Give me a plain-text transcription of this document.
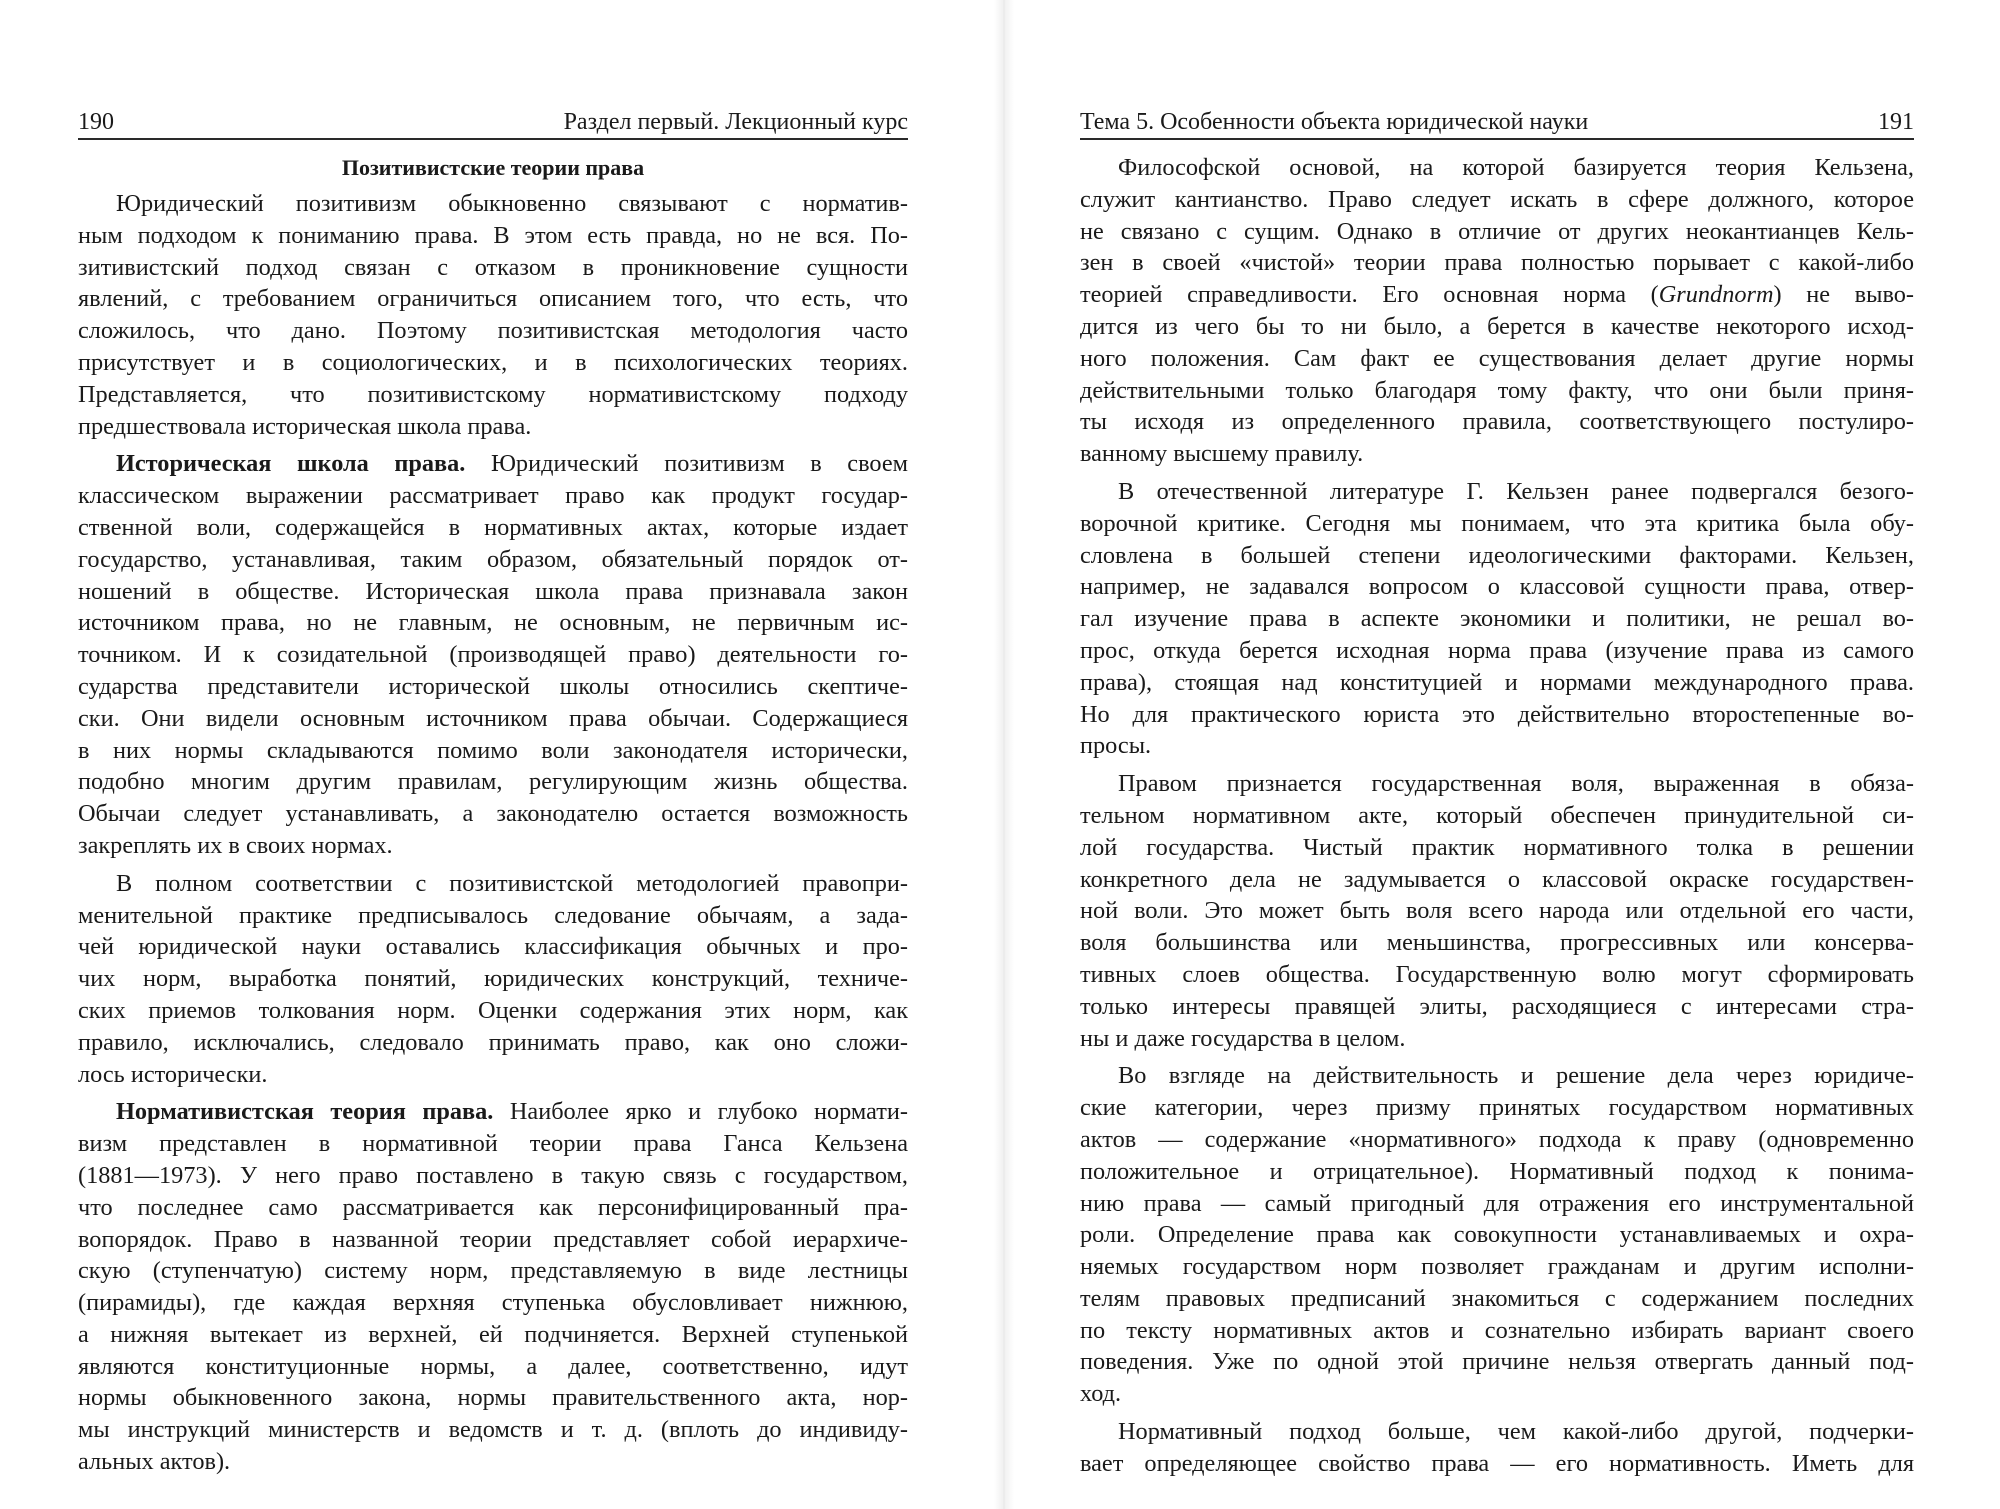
190	Раздел первый. Лекционный курс
Позитивистские теории права
Юридический позитивизм обыкновенно связывают с норматив-
ным подходом к пониманию права. В этом есть правда, но не вся. По-
зитивистский подход связан с отказом в проникновение сущности
явлений, с требованием ограничиться описанием того, что есть, что
сложилось, что дано. Поэтому позитивистская методология часто
присутствует и в социологических, и в психологических теориях.
Представляется, что позитивистскому нормативистскому подходу
предшествовала историческая школа права.
Историческая школа права. Юридический позитивизм в своем
классическом выражении рассматривает право как продукт государ-
ственной воли, содержащейся в нормативных актах, которые издает
государство, устанавливая, таким образом, обязательный порядок от-
ношений в обществе. Историческая школа права признавала закон
источником права, но не главным, не основным, не первичным ис-
точником. И к созидательной (производящей право) деятельности го-
сударства представители исторической школы относились скептиче-
ски. Они видели основным источником права обычаи. Содержащиеся
в них нормы складываются помимо воли законодателя исторически,
подобно многим другим правилам, регулирующим жизнь общества.
Обычаи следует устанавливать, а законодателю остается возможность
закреплять их в своих нормах.
В полном соответствии с позитивистской методологией правопри-
менительной практике предписывалось следование обычаям, а зада-
чей юридической науки оставались классификация обычных и про-
чих норм, выработка понятий, юридических конструкций, техниче-
ских приемов толкования норм. Оценки содержания этих норм, как
правило, исключались, следовало принимать право, как оно сложи-
лось исторически.
Нормативистская теория права. Наиболее ярко и глубоко нормати-
визм представлен в нормативной теории права Ганса Кельзена
(1881—1973). У него право поставлено в такую связь с государством,
что последнее само рассматривается как персонифицированный пра-
вопорядок. Право в названной теории представляет собой иерархиче-
скую (ступенчатую) систему норм, представляемую в виде лестницы
(пирамиды), где каждая верхняя ступенька обусловливает нижнюю,
а нижняя вытекает из верхней, ей подчиняется. Верхней ступенькой
являются конституционные нормы, а далее, соответственно, идут
нормы обыкновенного закона, нормы правительственного акта, нор-
мы инструкций министерств и ведомств и т. д. (вплоть до индивиду-
альных актов).
Тема 5. Особенности объекта юридической науки	191
Философской основой, на которой базируется теория Кельзена,
служит кантианство. Право следует искать в сфере должного, которое
не связано с сущим. Однако в отличие от других неокантианцев Кель-
зен в своей «чистой» теории права полностью порывает с какой-либо
теорией справедливости. Его основная норма (Grundnorm) не выво-
дится из чего бы то ни было, а берется в качестве некоторого исход-
ного положения. Сам факт ее существования делает другие нормы
действительными только благодаря тому факту, что они были приня-
ты исходя из определенного правила, соответствующего постулиро-
ванному высшему правилу.
В отечественной литературе Г. Кельзен ранее подвергался безого-
ворочной критике. Сегодня мы понимаем, что эта критика была обу-
словлена в большей степени идеологическими факторами. Кельзен,
например, не задавался вопросом о классовой сущности права, отвер-
гал изучение права в аспекте экономики и политики, не решал во-
прос, откуда берется исходная норма права (изучение права из самого
права), стоящая над конституцией и нормами международного права.
Но для практического юриста это действительно второстепенные во-
просы.
Правом признается государственная воля, выраженная в обяза-
тельном нормативном акте, который обеспечен принудительной си-
лой государства. Чистый практик нормативного толка в решении
конкретного дела не задумывается о классовой окраске государствен-
ной воли. Это может быть воля всего народа или отдельной его части,
воля большинства или меньшинства, прогрессивных или консерва-
тивных слоев общества. Государственную волю могут сформировать
только интересы правящей элиты, расходящиеся с интересами стра-
ны и даже государства в целом.
Во взгляде на действительность и решение дела через юридиче-
ские категории, через призму принятых государством нормативных
актов — содержание «нормативного» подхода к праву (одновременно
положительное и отрицательное). Нормативный подход к понима-
нию права — самый пригодный для отражения его инструментальной
роли. Определение права как совокупности устанавливаемых и охра-
няемых государством норм позволяет гражданам и другим исполни-
телям правовых предписаний знакомиться с содержанием последних
по тексту нормативных актов и сознательно избирать вариант своего
поведения. Уже по одной этой причине нельзя отвергать данный под-
ход.
Нормативный подход больше, чем какой-либо другой, подчерки-
вает определяющее свойство права — его нормативность. Иметь для
